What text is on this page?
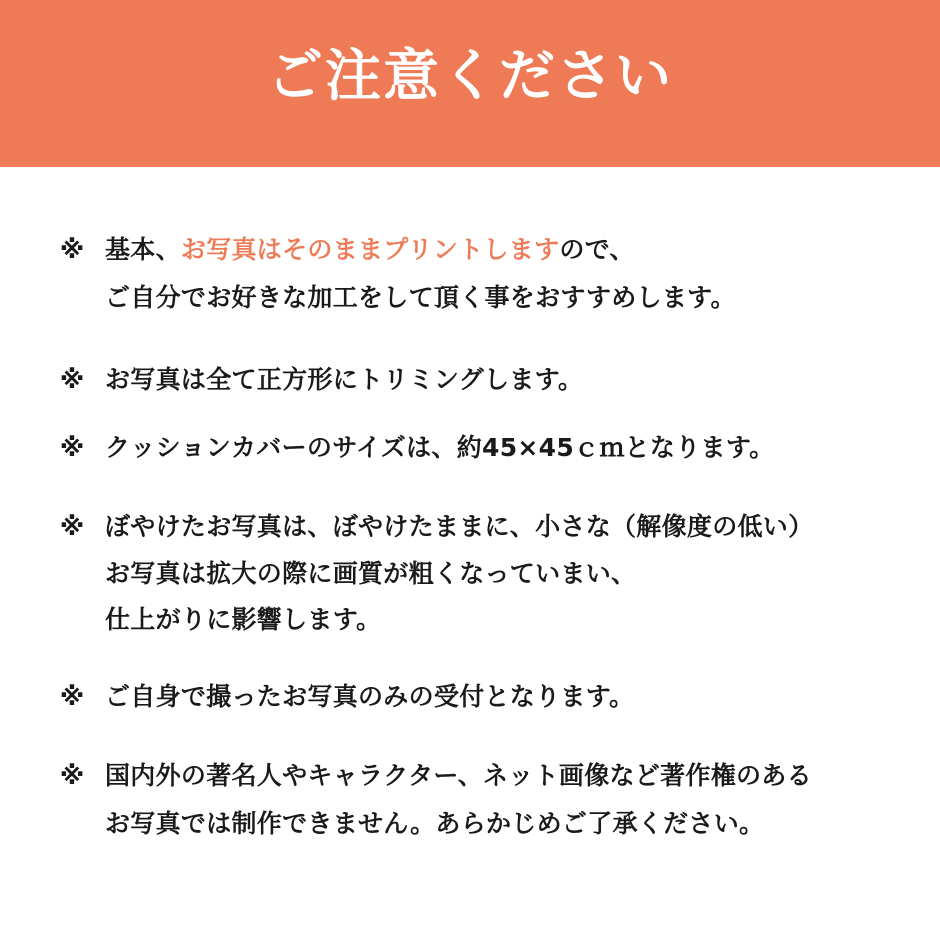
ご注意ください
※ 基本、お写真はそのままプリントしますので、
ご自分でお好きな加工をして頂く事をおすすめします。
※ お写真は全て正方形にトリミングします。
※ クッションカバーのサイズは、約45×45ｃｍとなります。
※ ぼやけたお写真は、ぼやけたままに、小さな（解像度の低い）
お写真は拡大の際に画質が粗くなっていまい、
仕上がりに影響します。
※ ご自身で撮ったお写真のみの受付となります。
※ 国内外の著名人やキャラクター、ネット画像など著作権のある
お写真では制作できません。あらかじめご了承ください。
